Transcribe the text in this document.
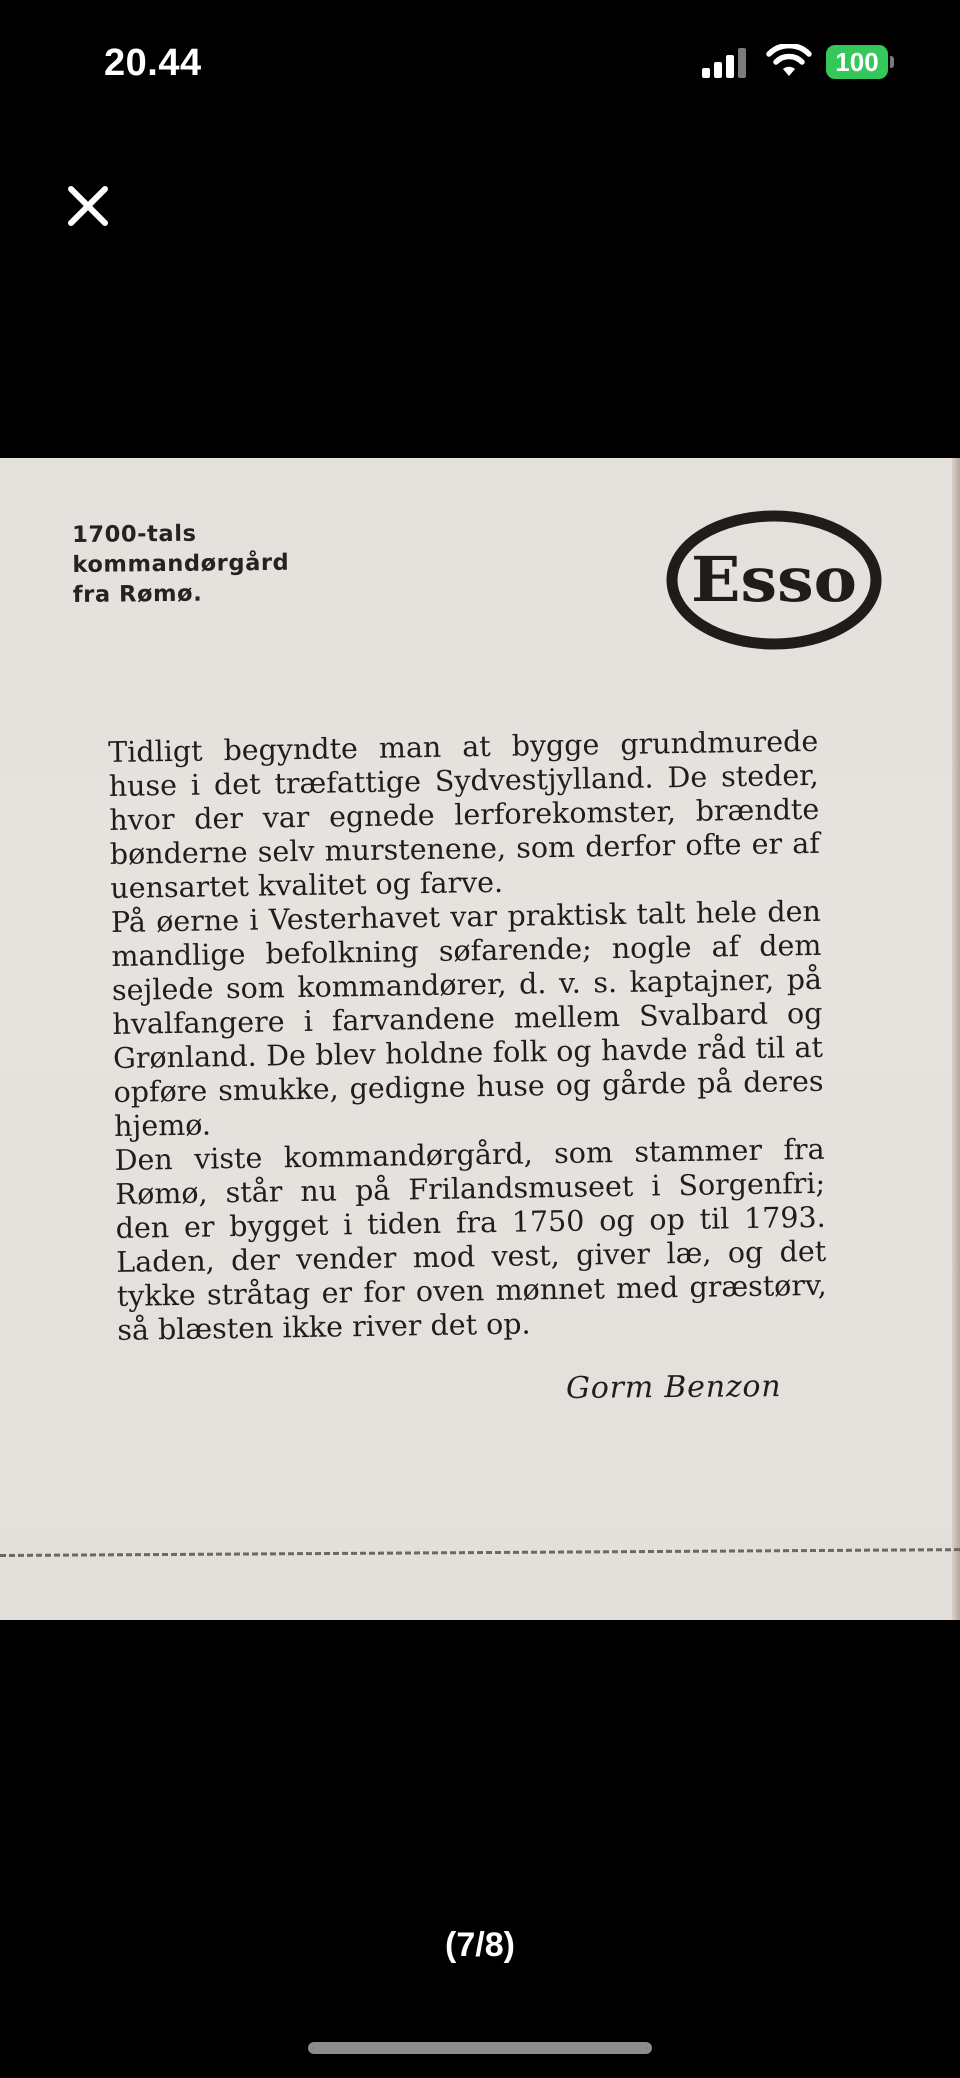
20.44	100
1700-tals
kommandørgård
fra Rømø.	Esso

Tidligt begyndte man at bygge grundmurede huse i det træfattige Sydvestjylland. De steder, hvor der var egnede lerforekomster, brændte bønderne selv murstenene, som derfor ofte er af uensartet kvalitet og farve.

På øerne i Vesterhavet var praktisk talt hele den mandlige befolkning søfarende; nogle af dem sejlede som kommandører, d. v. s. kaptajner, på hvalfangere i farvandene mellem Svalbard og Grønland. De blev holdne folk og havde råd til at opføre smukke, gedigne huse og gårde på deres hjemø.

Den viste kommandørgård, som stammer fra Rømø, står nu på Frilandsmuseet i Sorgenfri; den er bygget i tiden fra 1750 og op til 1793. Laden, der vender mod vest, giver læ, og det tykke stråtag er for oven mønnet med græstørv, så blæsten ikke river det op.

Gorm Benzon
(7/8)
